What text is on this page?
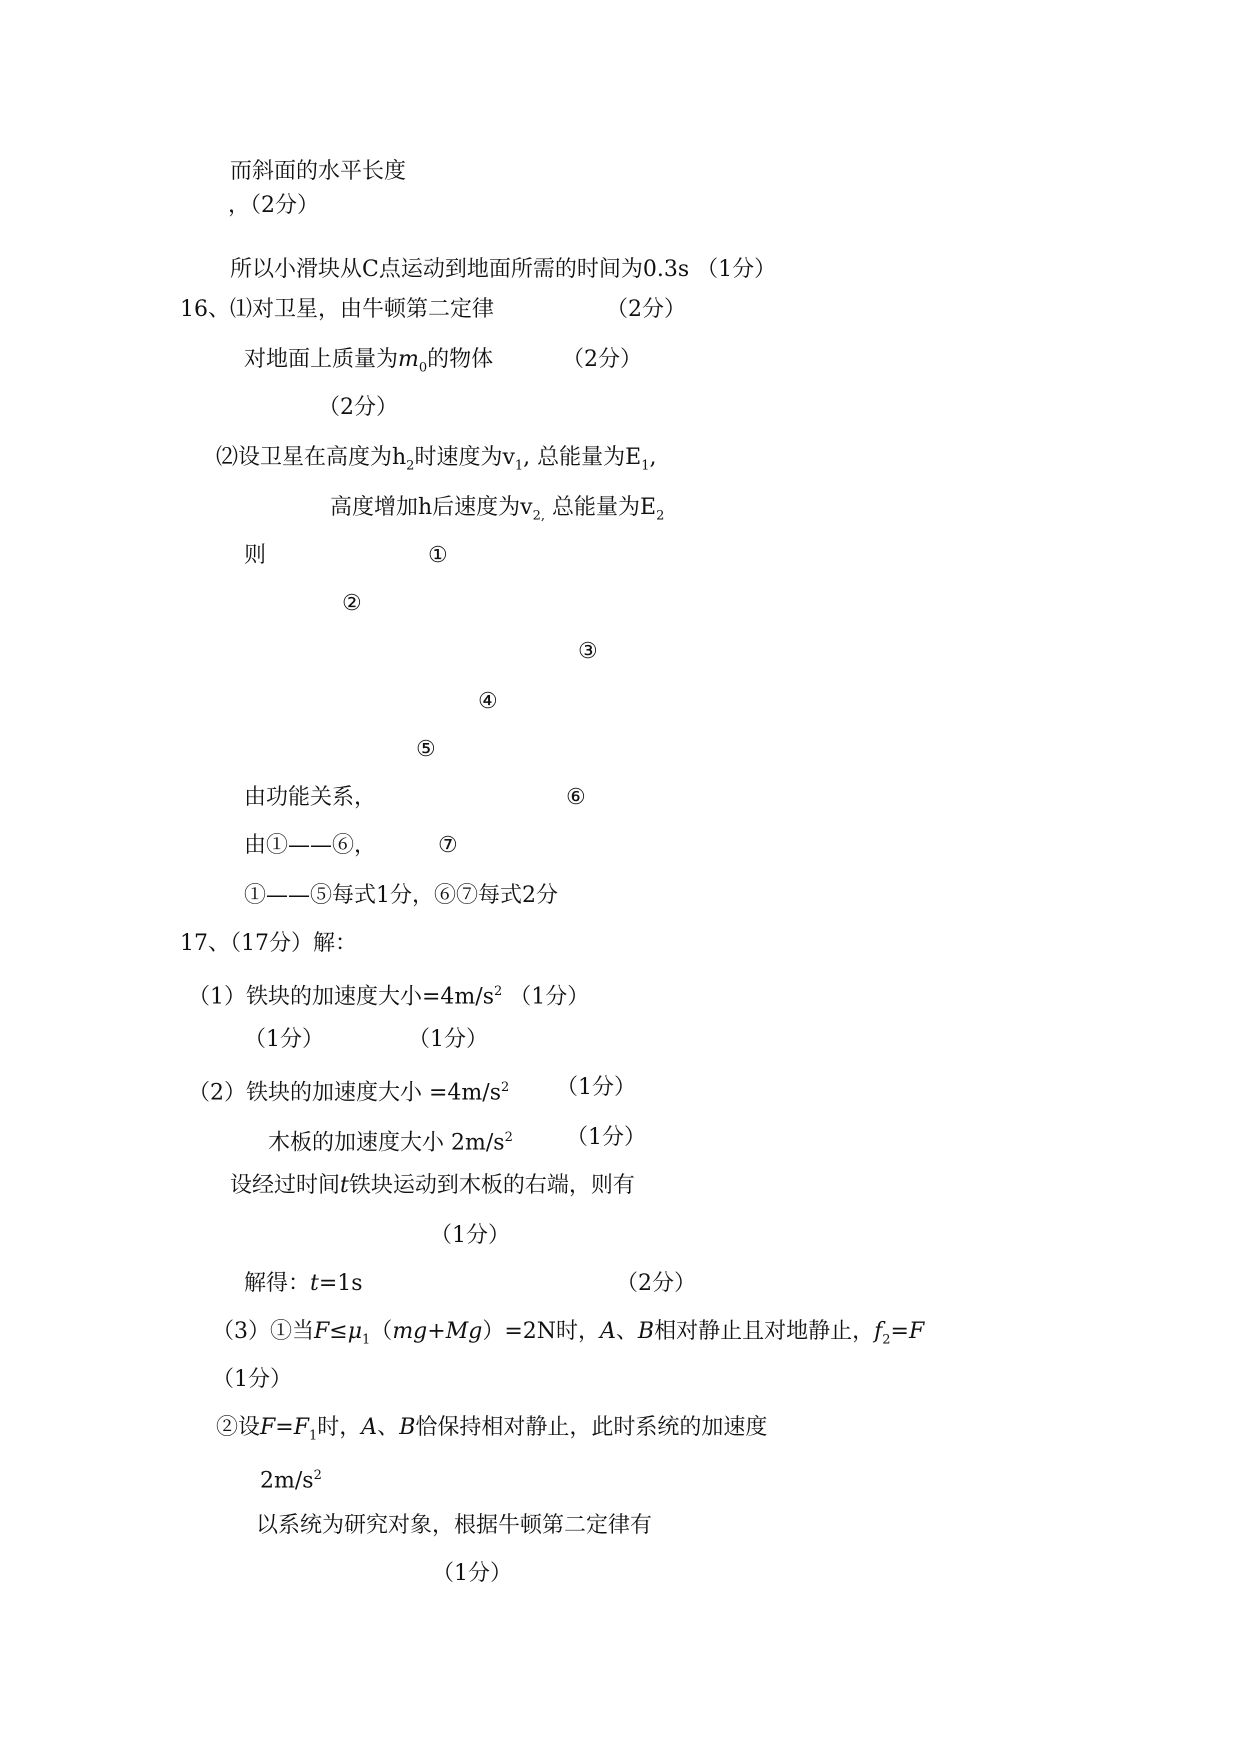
而斜面的水平长度
，（2分）
所以小滑块从C点运动到地面所需的时间为0.3s （1分）
16、⑴对卫星，由牛顿第二定律	（2分）
对地面上质量为$m_0$的物体	（2分）
（2分）
⑵设卫星在高度为$h_2$时速度为$v_1$, 总能量为$E_1$,
高度增加h后速度为$v_{2,}$ 总能量为$E_2$
则	①
②
③
④
⑤
由功能关系，	⑥
由①——⑥，	⑦
①——⑤每式1分，⑥⑦每式2分
17、（17分）解：
（1）铁块的加速度大小$=4m/s^2$ （1分）
（1分）	（1分）
（2）铁块的加速度大小 $=4m/s^2$ （1分）
木板的加速度大小 $2m/s^2$ （1分）
设经过时间t铁块运动到木板的右端，则有
（1分）
解得：t=1s	（2分）
（3）①当$F\le\mu_1(mg+Mg)=2N$时，A、B相对静止且对地静止，$f_2=F$
（1分）
②设$F=F_1$时，A、B恰保持相对静止，此时系统的加速度
$2m/s^2$
以系统为研究对象，根据牛顿第二定律有
（1分）
